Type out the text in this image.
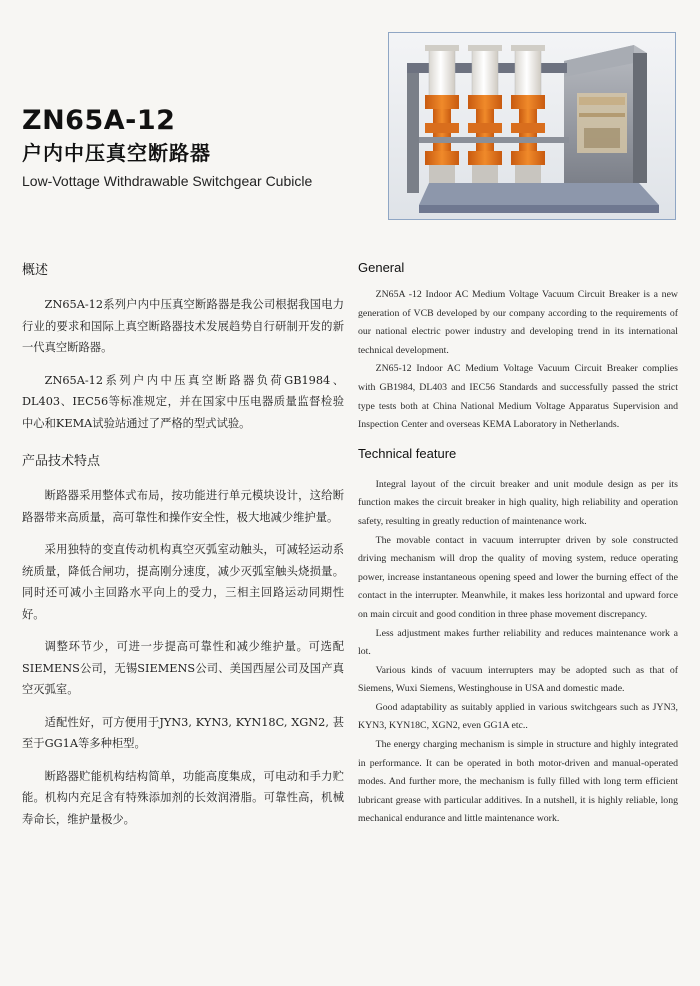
ZN65A-12
户内中压真空断路器
Low-Vottage Withdrawable Switchgear Cubicle
概述

ZN65A-12系列户内中压真空断路器是我公司根据我国电力行业的要求和国际上真空断路器技术发展趋势自行研制开发的新一代真空断路器。

ZN65A-12系列户内中压真空断路器负荷GB1984、DL403、IEC56等标准规定，并在国家中压电器质量监督检验中心和KEMA试验站通过了严格的型式试验。

产品技术特点

断路器采用整体式布局，按功能进行单元模块设计，这给断路器带来高质量，高可靠性和操作安全性，极大地减少维护量。

采用独特的变直传动机构真空灭弧室动触头，可减轻运动系统质量，降低合闸功，提高刚分速度，减少灭弧室触头烧损量。同时还可减小主回路水平向上的受力，三相主回路运动同期性好。

调整环节少，可进一步提高可靠性和减少维护量。可选配SIEMENS公司，无锡SIEMENS公司、美国西屋公司及国产真空灭弧室。

适配性好，可方便用于JYN3, KYN3, KYN18C, XGN2, 甚至于GG1A等多种柜型。

断路器贮能机构结构简单，功能高度集成，可电动和手力贮能。机构内充足含有特殊添加剂的长效润滑脂。可靠性高，机械寿命长，维护量极少。

General

ZN65A -12 Indoor AC Medium Voltage Vacuum Circuit Breaker is a new generation of VCB developed by our company according to the requirements of our national electric power industry and developing trend in its international technical development.

ZN65-12 Indoor AC Medium Voltage Vacuum Circuit Breaker complies with GB1984, DL403 and IEC56 Standards and successfully passed the strict type tests both at China National Medium Voltage Apparatus Supervision and Inspection Center and overseas KEMA Laboratory in Netherlands.

Technical feature

Integral layout of the circuit breaker and unit module design as per its function makes the circuit breaker in high quality, high reliability and operation safety, resulting in greatly reduction of maintenance work.

The movable contact in vacuum interrupter driven by sole constructed driving mechanism will drop the quality of moving system, reduce operating power, increase instantaneous opening speed and lower the burning effect of the contact in the interrupter. Meanwhile, it makes less horizontal and upward force on main circuit and good condition in three phase movement discrepancy.

Less adjustment makes further reliability and reduces maintenance work a lot.

Various kinds of vacuum interrupters may be adopted such as that of Siemens, Wuxi Siemens, Westinghouse in USA and domestic made.

Good adaptability as suitably applied in various switchgears such as JYN3, KYN3, KYN18C, XGN2, even GG1A etc..

The energy charging mechanism is simple in structure and highly integrated in performance. It can be operated in both motor-driven and manual-operated modes. And further more, the mechanism is fully filled with long term efficient lubricant grease with particular additives. In a nutshell, it is highly reliable, long mechanical endurance and little maintenance work.
